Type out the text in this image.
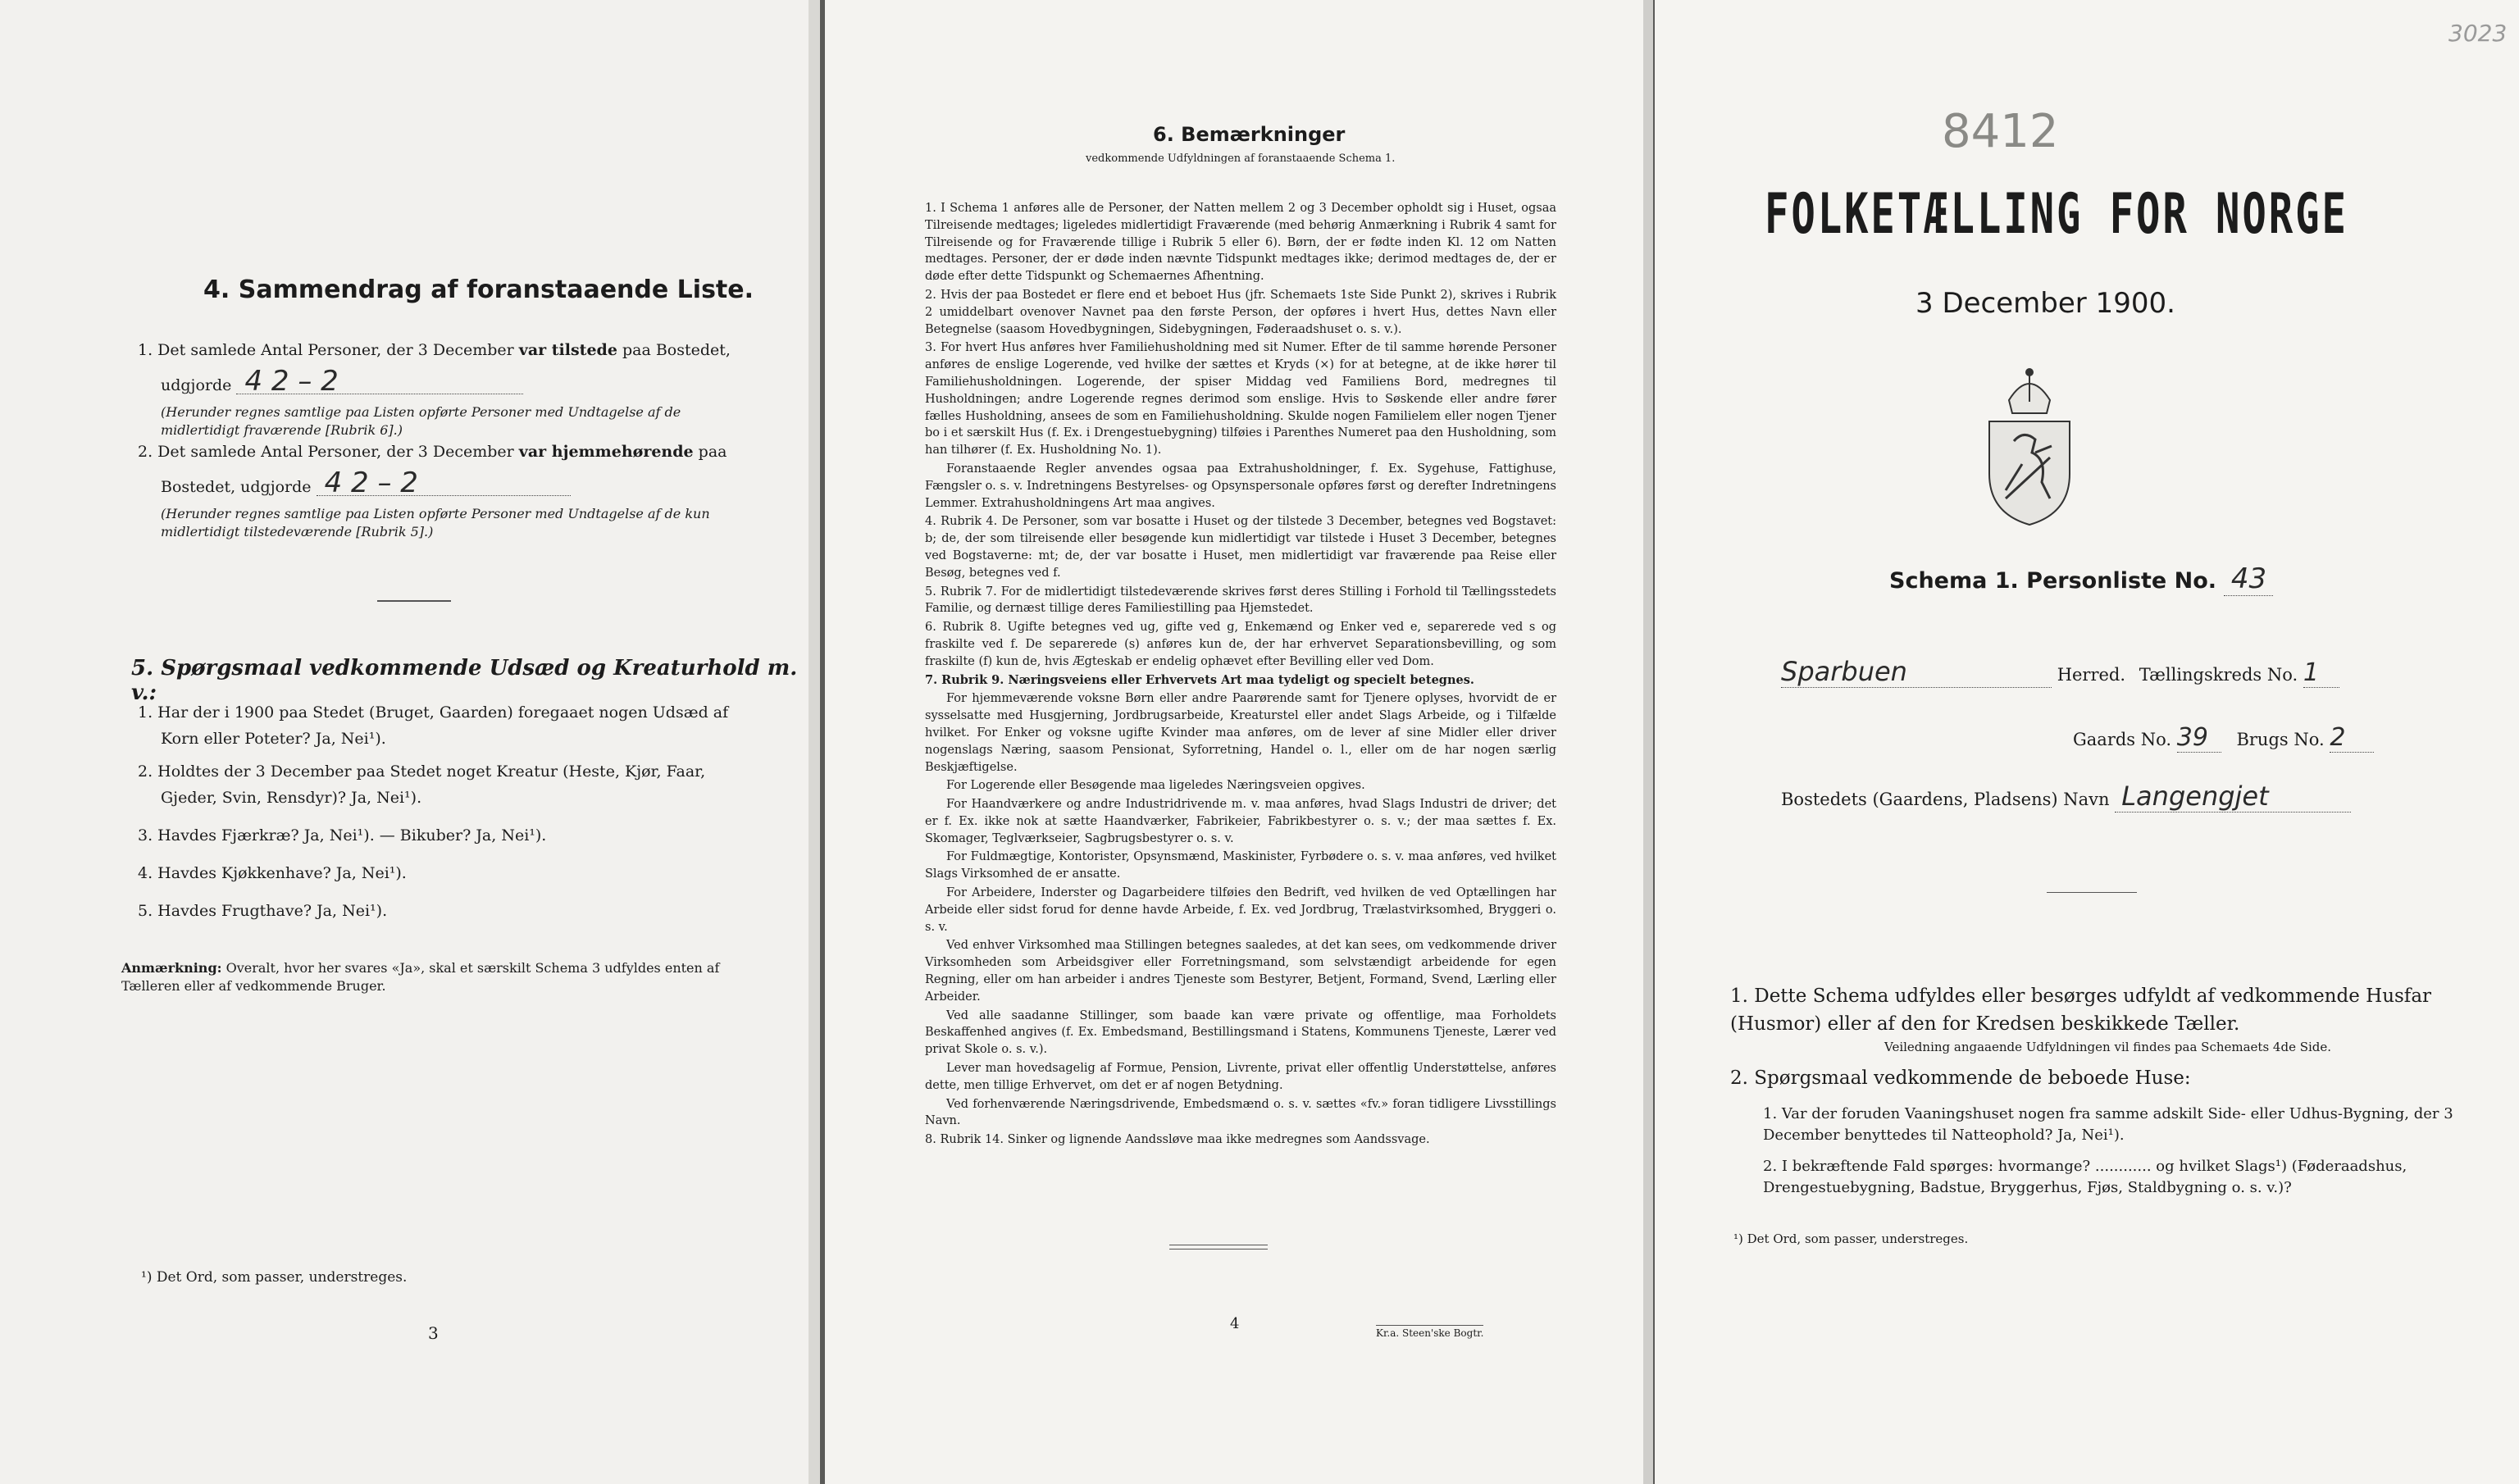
4. Sammendrag af foranstaaende Liste.
1. Det samlede Antal Personer, der 3 December var tilstede paa Bostedet,
udgjorde 4 2 – 2
(Herunder regnes samtlige paa Listen opførte Personer med Undtagelse af de midlertidigt fraværende [Rubrik 6].)
2. Det samlede Antal Personer, der 3 December var hjemmehørende paa
Bostedet, udgjorde 4 2 – 2
(Herunder regnes samtlige paa Listen opførte Personer med Undtagelse af de kun midlertidigt tilstedeværende [Rubrik 5].)
5. Spørgsmaal vedkommende Udsæd og Kreaturhold m. v.:
1. Har der i 1900 paa Stedet (Bruget, Gaarden) foregaaet nogen Udsæd af
Korn eller Poteter? Ja, Nei¹).
2. Holdtes der 3 December paa Stedet noget Kreatur (Heste, Kjør, Faar,
Gjeder, Svin, Rensdyr)? Ja, Nei¹).
3. Havdes Fjærkræ? Ja, Nei¹). — Bikuber? Ja, Nei¹).
4. Havdes Kjøkkenhave? Ja, Nei¹).
5. Havdes Frugthave? Ja, Nei¹).
Anmærkning: Overalt, hvor her svares «Ja», skal et særskilt Schema 3 udfyldes enten af Tælleren eller af vedkommende Bruger.
¹) Det Ord, som passer, understreges.
3
6. Bemærkninger
vedkommende Udfyldningen af foranstaaende Schema 1.

1. I Schema 1 anføres alle de Personer, der Natten mellem 2 og 3 December opholdt sig i Huset, ogsaa Tilreisende medtages; ligeledes midlertidigt Fraværende (med behørig Anmærkning i Rubrik 4 samt for Tilreisende og for Fraværende tillige i Rubrik 5 eller 6). Børn, der er fødte inden Kl. 12 om Natten medtages. Personer, der er døde inden nævnte Tidspunkt medtages ikke; derimod medtages de, der er døde efter dette Tidspunkt og Schemaernes Afhentning.

2. Hvis der paa Bostedet er flere end et beboet Hus (jfr. Schemaets 1ste Side Punkt 2), skrives i Rubrik 2 umiddelbart ovenover Navnet paa den første Person, der opføres i hvert Hus, dettes Navn eller Betegnelse (saasom Hovedbygningen, Sidebygningen, Føderaadshuset o. s. v.).

3. For hvert Hus anføres hver Familiehusholdning med sit Numer. Efter de til samme hørende Personer anføres de enslige Logerende, ved hvilke der sættes et Kryds (×) for at betegne, at de ikke hører til Familiehusholdningen. Logerende, der spiser Middag ved Familiens Bord, medregnes til Husholdningen; andre Logerende regnes derimod som enslige. Hvis to Søskende eller andre fører fælles Husholdning, ansees de som en Familiehusholdning. Skulde nogen Familielem eller nogen Tjener bo i et særskilt Hus (f. Ex. i Drengestuebygning) tilføies i Parenthes Numeret paa den Husholdning, som han tilhører (f. Ex. Husholdning No. 1).

Foranstaaende Regler anvendes ogsaa paa Extrahusholdninger, f. Ex. Sygehuse, Fattighuse, Fængsler o. s. v. Indretningens Bestyrelses- og Opsynspersonale opføres først og derefter Indretningens Lemmer. Extrahusholdningens Art maa angives.

4. Rubrik 4. De Personer, som var bosatte i Huset og der tilstede 3 December, betegnes ved Bogstavet: b; de, der som tilreisende eller besøgende kun midlertidigt var tilstede i Huset 3 December, betegnes ved Bogstaverne: mt; de, der var bosatte i Huset, men midlertidigt var fraværende paa Reise eller Besøg, betegnes ved f.

5. Rubrik 7. For de midlertidigt tilstedeværende skrives først deres Stilling i Forhold til Tællingsstedets Familie, og dernæst tillige deres Familiestilling paa Hjemstedet.

6. Rubrik 8. Ugifte betegnes ved ug, gifte ved g, Enkemænd og Enker ved e, separerede ved s og fraskilte ved f. De separerede (s) anføres kun de, der har erhvervet Separationsbevilling, og som fraskilte (f) kun de, hvis Ægteskab er endelig ophævet efter Bevilling eller ved Dom.

7. Rubrik 9. Næringsveiens eller Erhvervets Art maa tydeligt og specielt betegnes.

For hjemmeværende voksne Børn eller andre Paarørende samt for Tjenere oplyses, hvorvidt de er sysselsatte med Husgjerning, Jordbrugsarbeide, Kreaturstel eller andet Slags Arbeide, og i Tilfælde hvilket. For Enker og voksne ugifte Kvinder maa anføres, om de lever af sine Midler eller driver nogenslags Næring, saasom Pensionat, Syforretning, Handel o. l., eller om de har nogen særlig Beskjæftigelse.

For Logerende eller Besøgende maa ligeledes Næringsveien opgives.

For Haandværkere og andre Industridrivende m. v. maa anføres, hvad Slags Industri de driver; det er f. Ex. ikke nok at sætte Haandværker, Fabrikeier, Fabrikbestyrer o. s. v.; der maa sættes f. Ex. Skomager, Teglværkseier, Sagbrugsbestyrer o. s. v.

For Fuldmægtige, Kontorister, Opsynsmænd, Maskinister, Fyrbødere o. s. v. maa anføres, ved hvilket Slags Virksomhed de er ansatte.

For Arbeidere, Inderster og Dagarbeidere tilføies den Bedrift, ved hvilken de ved Optællingen har Arbeide eller sidst forud for denne havde Arbeide, f. Ex. ved Jordbrug, Trælastvirksomhed, Bryggeri o. s. v.

Ved enhver Virksomhed maa Stillingen betegnes saaledes, at det kan sees, om vedkommende driver Virksomheden som Arbeidsgiver eller Forretningsmand, som selvstændigt arbeidende for egen Regning, eller om han arbeider i andres Tjeneste som Bestyrer, Betjent, Formand, Svend, Lærling eller Arbeider.

Ved alle saadanne Stillinger, som baade kan være private og offentlige, maa Forholdets Beskaffenhed angives (f. Ex. Embedsmand, Bestillingsmand i Statens, Kommunens Tjeneste, Lærer ved privat Skole o. s. v.).

Lever man hovedsagelig af Formue, Pension, Livrente, privat eller offentlig Understøttelse, anføres dette, men tillige Erhvervet, om det er af nogen Betydning.

Ved forhenværende Næringsdrivende, Embedsmænd o. s. v. sættes «fv.» foran tidligere Livsstillings Navn.

8. Rubrik 14. Sinker og lignende Aandssløve maa ikke medregnes som Aandssvage.

4
Kr.a. Steen'ske Bogtr.
3023
8412
FOLKETÆLLING FOR NORGE
3 December 1900.
Schema 1. Personliste No. 43
Sparbuen	Herred. Tællingskreds No. 1
Gaards No. 39 Brugs No. 2
Bostedets (Gaardens, Pladsens) Navn Langengjet
1. Dette Schema udfyldes eller besørges udfyldt af vedkommende Husfar (Husmor) eller af den for Kredsen beskikkede Tæller.
Veiledning angaaende Udfyldningen vil findes paa Schemaets 4de Side.
2. Spørgsmaal vedkommende de beboede Huse:
1. Var der foruden Vaaningshuset nogen fra samme adskilt Side- eller Udhus-Bygning, der 3 December benyttedes til Natteophold? Ja, Nei¹).
2. I bekræftende Fald spørges: hvormange? ............ og hvilket Slags¹) (Føderaadshus, Drengestuebygning, Badstue, Bryggerhus, Fjøs, Staldbygning o. s. v.)?
¹) Det Ord, som passer, understreges.
